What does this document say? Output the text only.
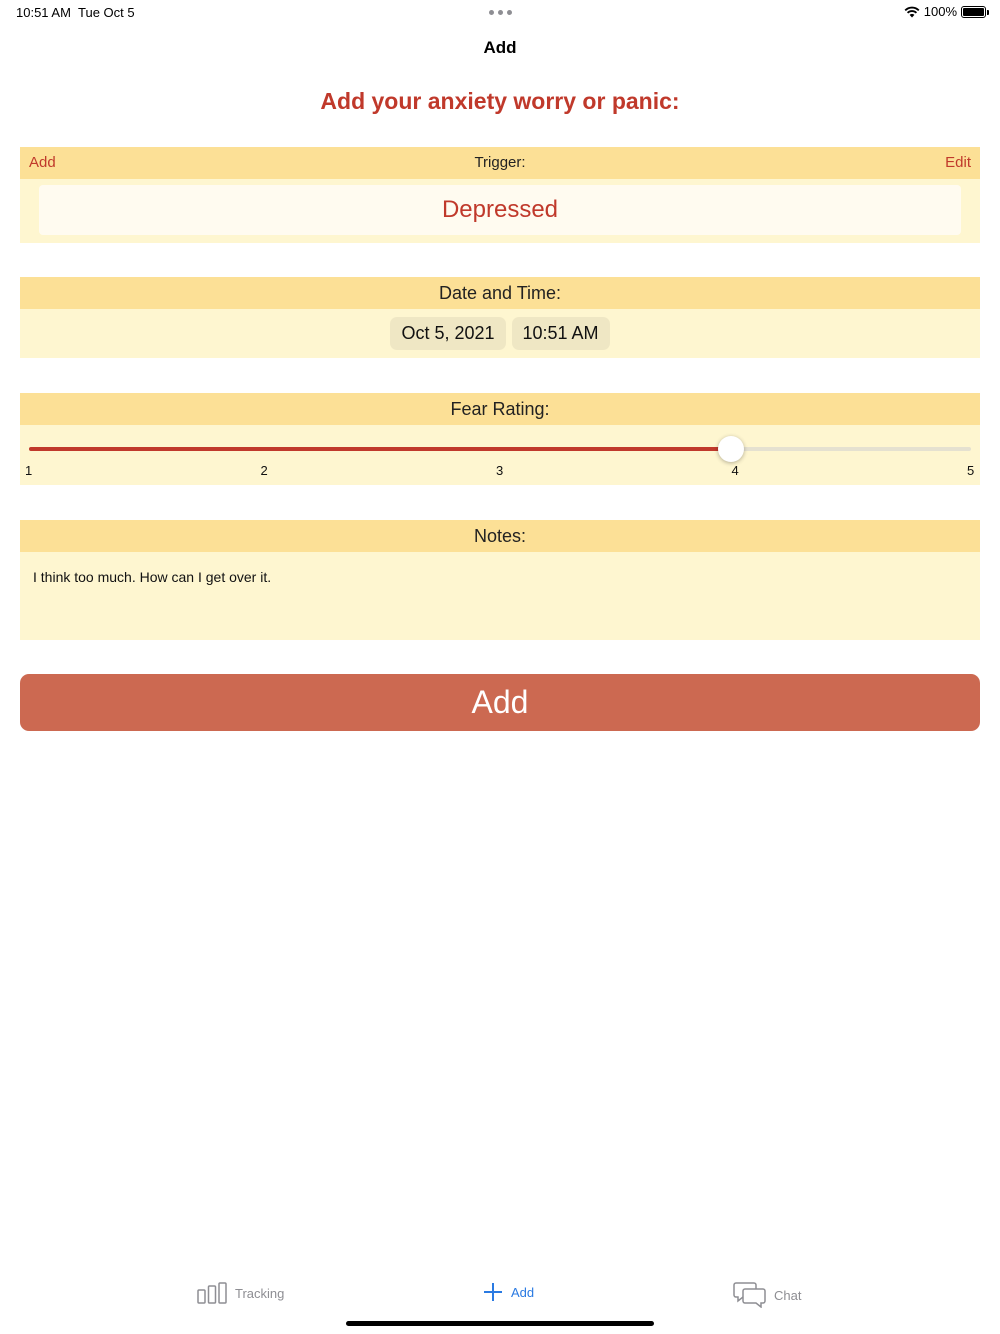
10:51 AM Tue Oct 5	100%
Add
Add your anxiety worry or panic:
Add	Trigger:	Edit
Depressed
Date and Time:
Oct 5, 2021	10:51 AM
Fear Rating:
1	2	3	4	5
Notes:
I think too much. How can I get over it.
Add
Tracking	Add	Chat
